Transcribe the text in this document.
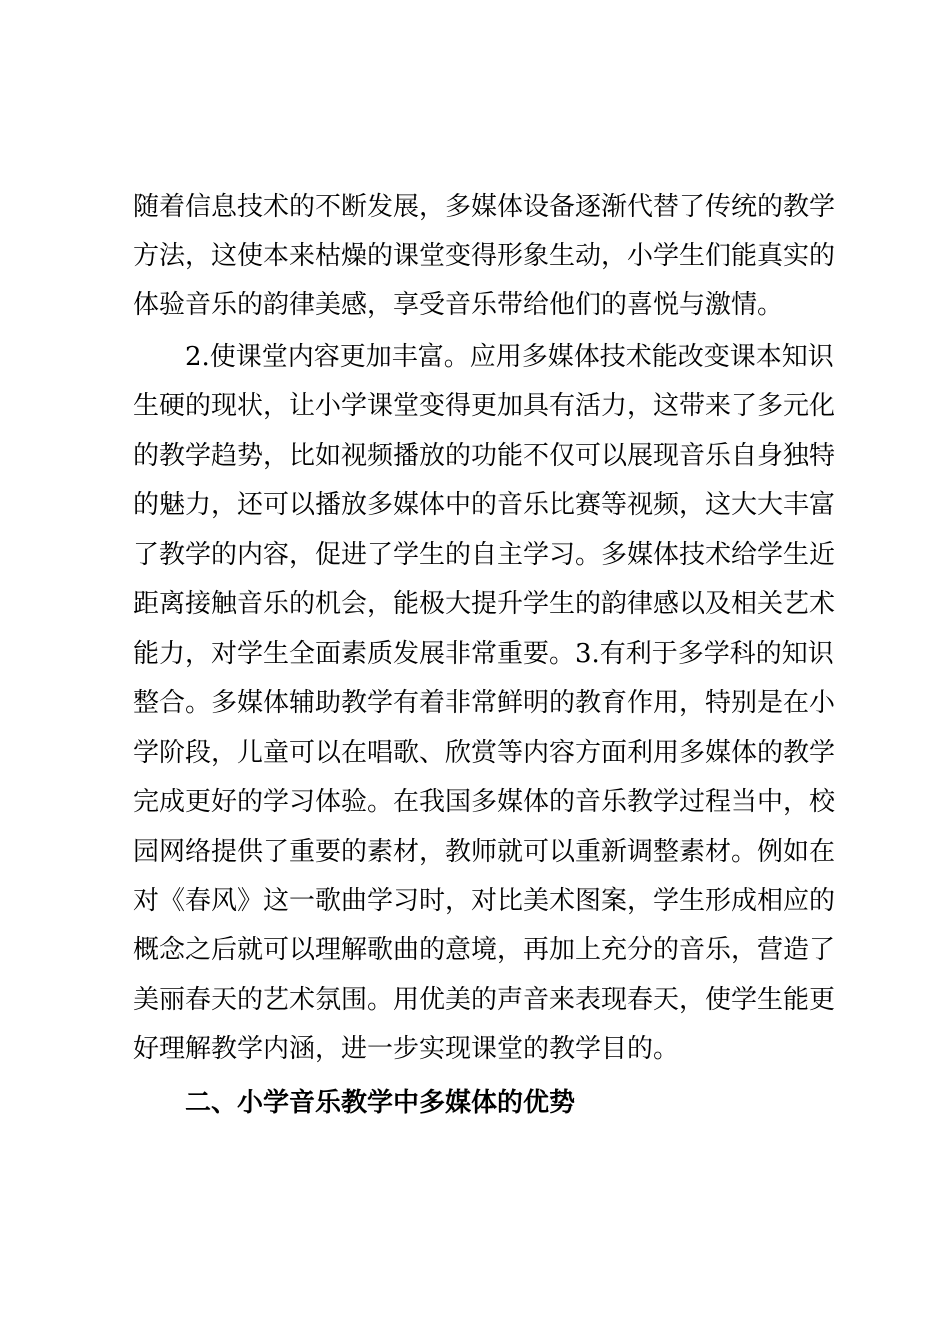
随着信息技术的不断发展，多媒体设备逐渐代替了传统的教学
方法，这使本来枯燥的课堂变得形象生动，小学生们能真实的
体验音乐的韵律美感，享受音乐带给他们的喜悦与激情。
2.使课堂内容更加丰富。应用多媒体技术能改变课本知识
生硬的现状，让小学课堂变得更加具有活力，这带来了多元化
的教学趋势，比如视频播放的功能不仅可以展现音乐自身独特
的魅力，还可以播放多媒体中的音乐比赛等视频，这大大丰富
了教学的内容，促进了学生的自主学习。多媒体技术给学生近
距离接触音乐的机会，能极大提升学生的韵律感以及相关艺术
能力，对学生全面素质发展非常重要。3.有利于多学科的知识
整合。多媒体辅助教学有着非常鲜明的教育作用，特别是在小
学阶段，儿童可以在唱歌、欣赏等内容方面利用多媒体的教学
完成更好的学习体验。在我国多媒体的音乐教学过程当中，校
园网络提供了重要的素材，教师就可以重新调整素材。例如在
对《春风》这一歌曲学习时，对比美术图案，学生形成相应的
概念之后就可以理解歌曲的意境，再加上充分的音乐，营造了
美丽春天的艺术氛围。用优美的声音来表现春天，使学生能更
好理解教学内涵，进一步实现课堂的教学目的。
二、小学音乐教学中多媒体的优势
